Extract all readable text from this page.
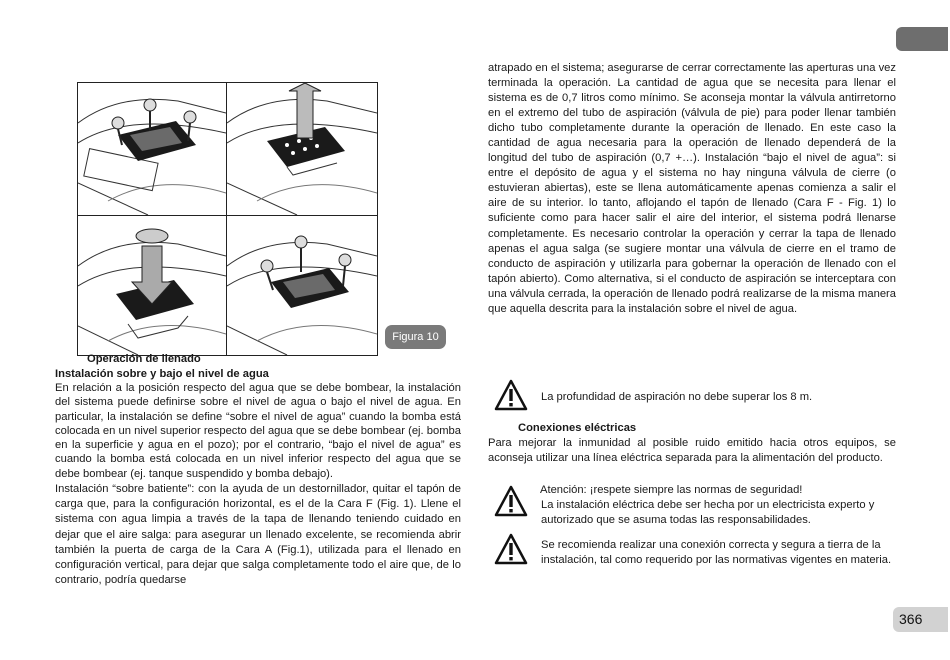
Figura 10
Operación de llenado
Instalación sobre y bajo el nivel de agua

En relación a la posición respecto del agua que se debe bombear, la instalación del sistema puede definirse sobre el nivel de agua o bajo el nivel de agua. En particular, la instalación se define “sobre el nivel de agua” cuando la bomba está colocada en un nivel superior respecto del agua que se debe bombear (ej. bomba en la superficie y agua en el pozo); por el contrario, “bajo el nivel de agua” es cuando la bomba está colocada en un nivel inferior respecto del agua que se debe bombear (ej. tanque suspendido y bomba debajo).

Instalación “sobre batiente”: con la ayuda de un destornillador, quitar el tapón de carga que, para la configuración horizontal, es el de la Cara F (Fig. 1). Llene el sistema con agua limpia a través de la tapa de llenando teniendo cuidado en dejar que el aire salga: para asegurar un llenado excelente, se recomienda abrir también la puerta de carga de la Cara A (Fig.1), utilizada para el llenado en configuración vertical, para dejar que salga completamente todo el aire que, de lo contrario, podría quedarse

atrapado en el sistema; asegurarse de cerrar correctamente las aperturas una vez terminada la operación. La cantidad de agua que se necesita para llenar el sistema es de 0,7 litros como mínimo. Se aconseja montar la válvula antirretorno en el extremo del tubo de aspiración (válvula de pie) para poder llenar también dicho tubo completamente durante la operación de llenado. En este caso la cantidad de agua necesaria para la operación de llenado dependerá de la longitud del tubo de aspiración (0,7 +…). Instalación “bajo el nivel de agua”: si entre el depósito de agua y el sistema no hay ninguna válvula de cierre (o estuvieran abiertas), este se llena automáticamente apenas comienza a salir el aire de su interior. lo tanto, aflojando el tapón de llenado (Cara F - Fig. 1) lo suficiente como para hacer salir el aire del interior, el sistema podrá llenarse completamente. Es necesario controlar la operación y cerrar la tapa de llenado apenas el agua salga (se sugiere montar una válvula de cierre en el tramo de conducto de aspiración y utilizarla para gobernar la operación de llenado con el tapón abierto). Como alternativa, si el conducto de aspiración se interceptara con una válvula cerrada, la operación de llenado podrá realizarse de la misma manera que aquella descrita para la instalación sobre el nivel de agua.

La profundidad de aspiración no debe superar los 8 m.
Conexiones eléctricas

Para mejorar la inmunidad al posible ruido emitido hacia otros equipos, se aconseja utilizar una línea eléctrica separada para la alimentación del producto.

Atención: ¡respete siempre las normas de seguridad!
La instalación eléctrica debe ser hecha por un electricista experto y autorizado que se asuma todas las responsabilidades.
Se recomienda realizar una conexión correcta y segura a tierra de la instalación, tal como requerido por las normativas vigentes en materia.
366
